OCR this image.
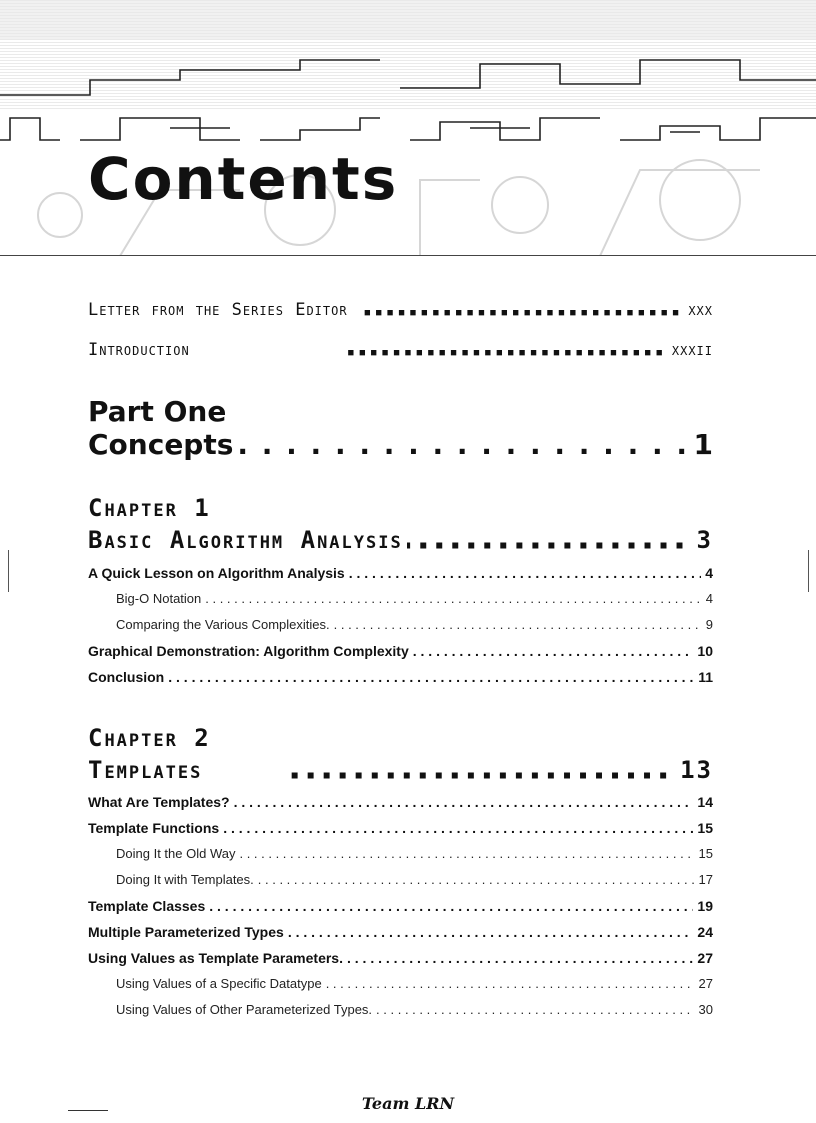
Contents
Letter from the Series Editor ■■■■■■■■■■■■■■■■■■■■■■■■■■■■	xxx
Introduction ■■■■■■■■■■■■■■■■■■■■■■■■■■■■	xxxii
Part One
Concepts . . .	1
Chapter 1
Basic Algorithm Analysis ■■■■■■■■■■■■■■■■■■■■■■■■	3
A Quick Lesson on Algorithm Analysis . . .	4
Big-O Notation . . .	4
Comparing the Various Complexities. . . .	9
Graphical Demonstration: Algorithm Complexity . . .	10
Conclusion . . .	11
Chapter 2
Templates ■■■■■■■■■■■■■■■■■■■■■■■■	13
What Are Templates? . . .	14
Template Functions . . .	15
Doing It the Old Way . . .	15
Doing It with Templates. . . .	17
Template Classes . . .	19
Multiple Parameterized Types . . .	24
Using Values as Template Parameters. . . .	27
Using Values of a Specific Datatype . . .	27
Using Values of Other Parameterized Types. . . .	30
Team LRN
